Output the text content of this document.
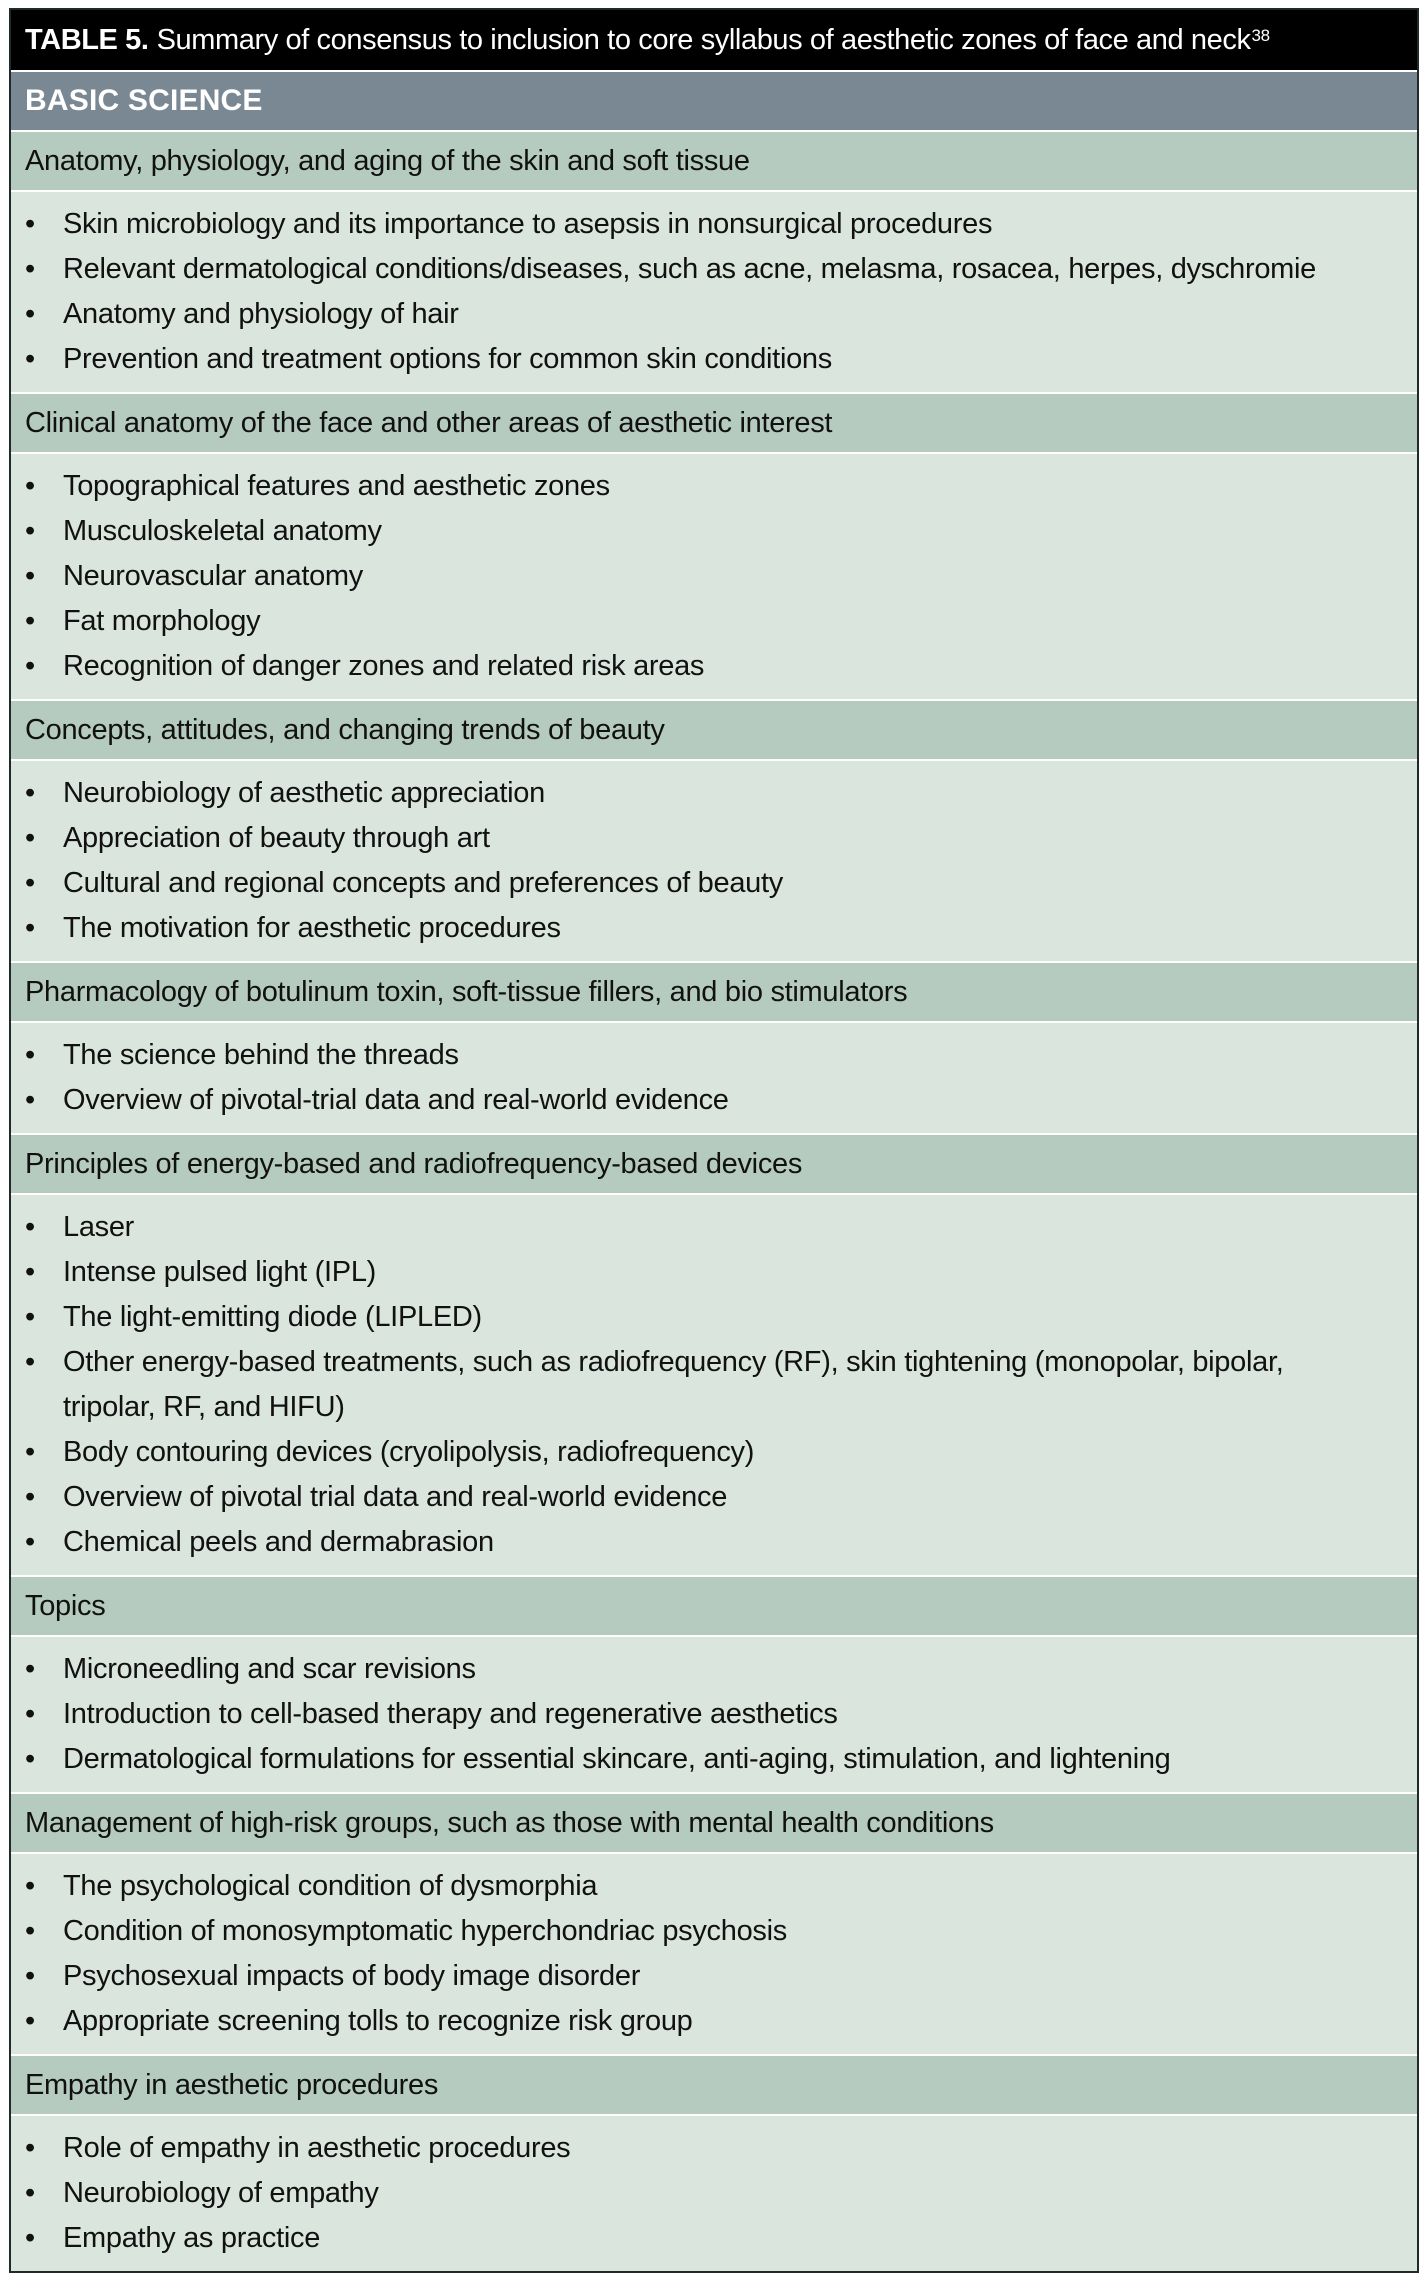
TABLE 5. Summary of consensus to inclusion to core syllabus of aesthetic zones of face and neck$^{38}$
BASIC SCIENCE
Anatomy, physiology, and aging of the skin and soft tissue
• Skin microbiology and its importance to asepsis in nonsurgical procedures
• Relevant dermatological conditions/diseases, such as acne, melasma, rosacea, herpes, dyschromie
• Anatomy and physiology of hair
• Prevention and treatment options for common skin conditions
Clinical anatomy of the face and other areas of aesthetic interest
• Topographical features and aesthetic zones
• Musculoskeletal anatomy
• Neurovascular anatomy
• Fat morphology
• Recognition of danger zones and related risk areas
Concepts, attitudes, and changing trends of beauty
• Neurobiology of aesthetic appreciation
• Appreciation of beauty through art
• Cultural and regional concepts and preferences of beauty
• The motivation for aesthetic procedures
Pharmacology of botulinum toxin, soft-tissue fillers, and bio stimulators
• The science behind the threads
• Overview of pivotal-trial data and real-world evidence
Principles of energy-based and radiofrequency-based devices
• Laser
• Intense pulsed light (IPL)
• The light-emitting diode (LIPLED)
• Other energy-based treatments, such as radiofrequency (RF), skin tightening (monopolar, bipolar, tripolar, RF, and HIFU)
• Body contouring devices (cryolipolysis, radiofrequency)
• Overview of pivotal trial data and real-world evidence
• Chemical peels and dermabrasion
Topics
• Microneedling and scar revisions
• Introduction to cell-based therapy and regenerative aesthetics
• Dermatological formulations for essential skincare, anti-aging, stimulation, and lightening
Management of high-risk groups, such as those with mental health conditions
• The psychological condition of dysmorphia
• Condition of monosymptomatic hyperchondriac psychosis
• Psychosexual impacts of body image disorder
• Appropriate screening tolls to recognize risk group
Empathy in aesthetic procedures
• Role of empathy in aesthetic procedures
• Neurobiology of empathy
• Empathy as practice
